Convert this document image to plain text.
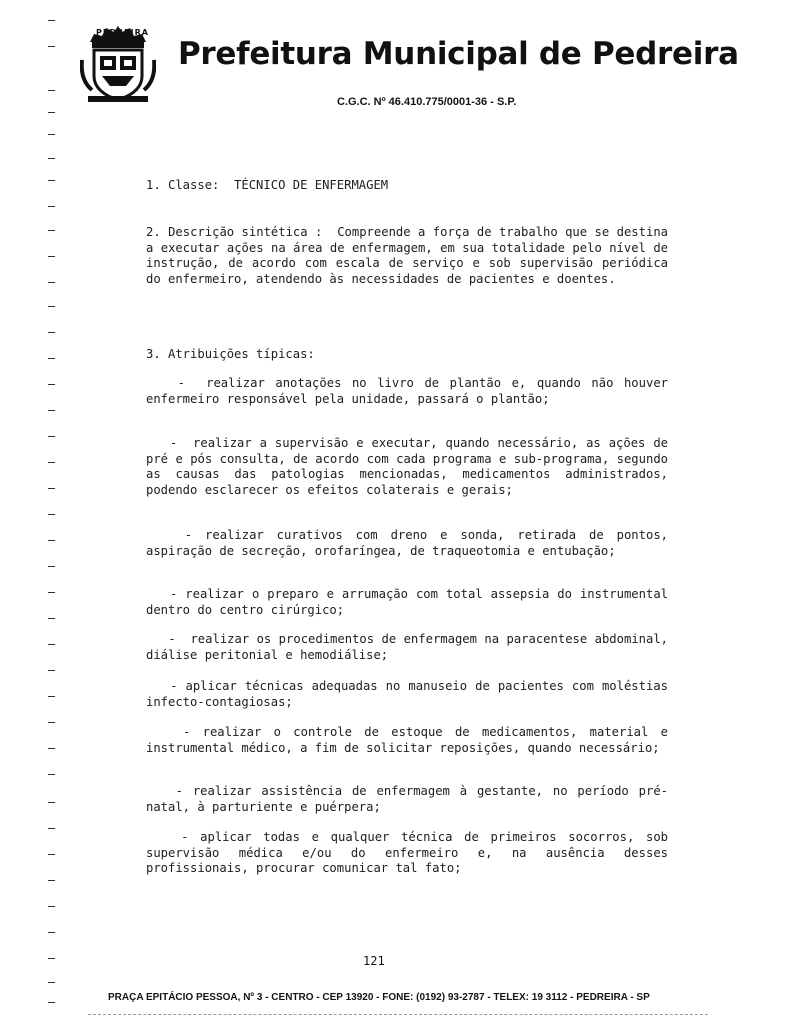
PEDREIRA
Prefeitura Municipal de Pedreira
C.G.C. Nº 46.410.775/0001-36 - S.P.
1. Classe:  TÉCNICO DE ENFERMAGEM
2. Descrição sintética :  Compreende a força de trabalho que se destina a executar ações na área de enfermagem, em sua totalidade pelo nível de instrução, de acordo com escala de serviço e sob supervisão periódica do enfermeiro, atendendo às necessidades de pacientes e doentes.
3. Atribuições típicas:
-  realizar anotações no livro de plantão e, quando não houver enfermeiro responsável pela unidade, passará o plantão;
-  realizar a supervisão e executar, quando necessário, as ações de pré e pós consulta, de acordo com cada programa e sub-programa, segundo as causas das patologias mencionadas, medicamentos administrados, podendo esclarecer os efeitos colaterais e gerais;
- realizar curativos com dreno e sonda, retirada de pontos, aspiração de secreção, orofaríngea, de traqueotomia e entubação;
- realizar o preparo e arrumação com total assepsia do instrumental dentro do centro cirúrgico;
-  realizar os procedimentos de enfermagem na paracentese abdominal, diálise peritonial e hemodiálise;
- aplicar técnicas adequadas no manuseio de pacientes com moléstias infecto-contagiosas;
- realizar o controle de estoque de medicamentos, material e instrumental médico, a fim de solicitar reposições, quando necessário;
- realizar assistência de enfermagem à gestante, no período pré-natal, à parturiente e puérpera;
- aplicar todas e qualquer técnica de primeiros socorros, sob supervisão médica e/ou do enfermeiro e, na ausência desses profissionais, procurar comunicar tal fato;
121
PRAÇA EPITÁCIO PESSOA, Nº 3 - CENTRO - CEP 13920 - FONE: (0192) 93-2787 - TELEX: 19 3112 - PEDREIRA - SP
